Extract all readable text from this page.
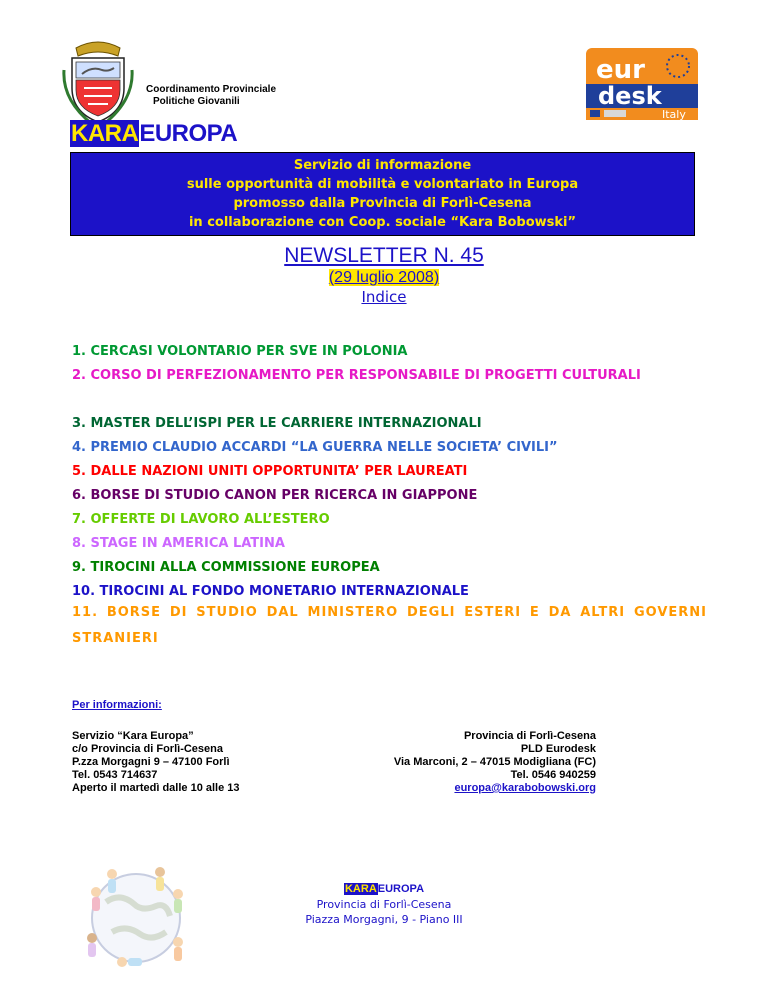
Coordinamento Provinciale
Politiche Giovanili
eur
desk
Italy
KARAEUROPA
Servizio di informazione
sulle opportunità di mobilità e volontariato in Europa
promosso dalla Provincia di Forlì-Cesena
in collaborazione con Coop. sociale “Kara Bobowski”
NEWSLETTER N. 45
(29 luglio 2008)
Indice
1. CERCASI VOLONTARIO PER SVE IN POLONIA
2. CORSO DI PERFEZIONAMENTO PER RESPONSABILE DI PROGETTI CULTURALI
3. MASTER DELL’ISPI PER LE CARRIERE INTERNAZIONALI
4. PREMIO CLAUDIO ACCARDI “LA GUERRA NELLE SOCIETA’ CIVILI”
5. DALLE NAZIONI UNITI OPPORTUNITA’ PER LAUREATI
6. BORSE DI STUDIO CANON PER RICERCA IN GIAPPONE
7. OFFERTE DI LAVORO ALL’ESTERO
8. STAGE IN AMERICA LATINA
9. TIROCINI ALLA COMMISSIONE EUROPEA
10. TIROCINI AL FONDO MONETARIO INTERNAZIONALE
11. BORSE DI STUDIO DAL MINISTERO DEGLI ESTERI E DA ALTRI GOVERNI STRANIERI
Per informazioni:
Servizio “Kara Europa”
c/o Provincia di Forlì-Cesena
P.zza Morgagni 9 – 47100 Forlì
Tel. 0543 714637
Aperto il martedì dalle 10 alle 13
Provincia di Forlì-Cesena
PLD Eurodesk
Via Marconi, 2 – 47015 Modigliana (FC)
Tel. 0546 940259
europa@karabobowski.org
KARAEUROPA
Provincia di Forlì-Cesena
Piazza Morgagni, 9 - Piano III
